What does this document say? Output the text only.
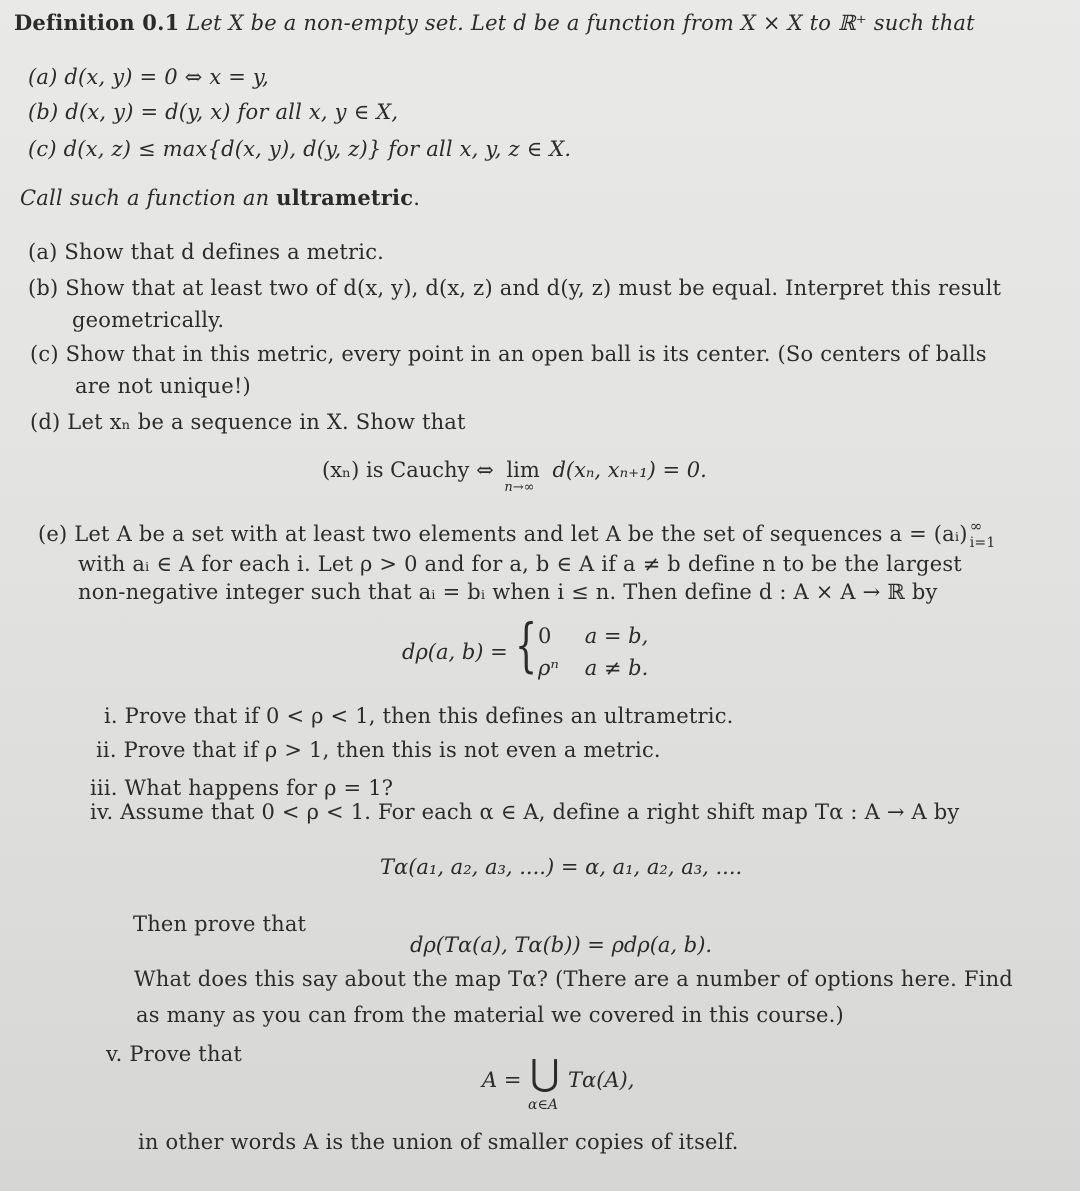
Definition 0.1 Let X be a non-empty set. Let d be a function from X × X to ℝ⁺ such that
(a) d(x, y) = 0 ⇔ x = y,
(b) d(x, y) = d(y, x) for all x, y ∈ X,
(c) d(x, z) ≤ max{d(x, y), d(y, z)} for all x, y, z ∈ X.
Call such a function an ultrametric.
(a) Show that d defines a metric.
(b) Show that at least two of d(x, y), d(x, z) and d(y, z) must be equal. Interpret this result
geometrically.
(c) Show that in this metric, every point in an open ball is its center. (So centers of balls
are not unique!)
(d) Let xₙ be a sequence in X. Show that
(xₙ) is Cauchy ⇔ lim
n→∞
d(xₙ, xₙ₊₁) = 0.
(e) Let A be a set with at least two elements and let A be the set of sequences a = (aᵢ) ∞
i=1
with aᵢ ∈ A for each i. Let ρ > 0 and for a, b ∈ A if a ≠ b define n to be the largest
non-negative integer such that aᵢ = bᵢ when i ≤ n. Then define d : A × A → ℝ by
dρ(a, b) = { 0 a = b,
ρⁿ a ≠ b.
i. Prove that if 0 < ρ < 1, then this defines an ultrametric.
ii. Prove that if ρ > 1, then this is not even a metric.
iii. What happens for ρ = 1?
iv. Assume that 0 < ρ < 1. For each α ∈ A, define a right shift map Tα : A → A by
Tα(a₁, a₂, a₃, ....) = α, a₁, a₂, a₃, ....
Then prove that
dρ(Tα(a), Tα(b)) = ρdρ(a, b).
What does this say about the map Tα? (There are a number of options here. Find
as many as you can from the material we covered in this course.)
v. Prove that
A = ⋃ Tα(A),
α∈A
in other words A is the union of smaller copies of itself.
